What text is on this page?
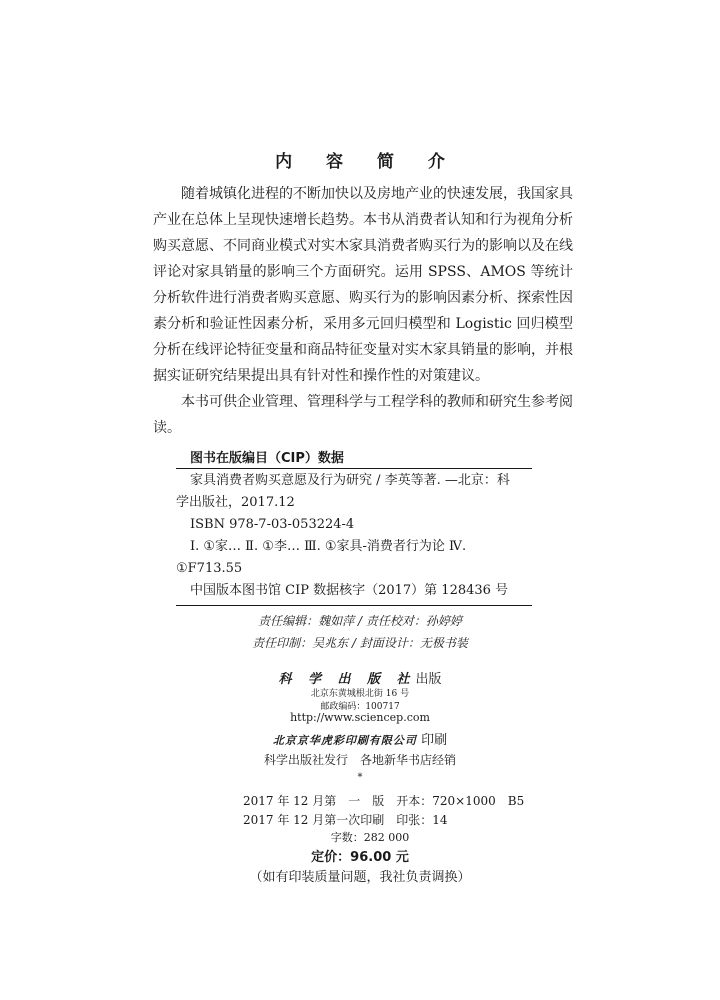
内 容 简 介

随着城镇化进程的不断加快以及房地产业的快速发展，我国家具产业在总体上呈现快速增长趋势。本书从消费者认知和行为视角分析购买意愿、不同商业模式对实木家具消费者购买行为的影响以及在线评论对家具销量的影响三个方面研究。运用 SPSS、AMOS 等统计分析软件进行消费者购买意愿、购买行为的影响因素分析、探索性因素分析和验证性因素分析，采用多元回归模型和 Logistic 回归模型分析在线评论特征变量和商品特征变量对实木家具销量的影响，并根据实证研究结果提出具有针对性和操作性的对策建议。

本书可供企业管理、管理科学与工程学科的教师和研究生参考阅读。

图书在版编目（CIP）数据
家具消费者购买意愿及行为研究 / 李英等著. —北京：科
学出版社，2017.12
ISBN 978-7-03-053224-4
Ⅰ. ①家… Ⅱ. ①李… Ⅲ. ①家具-消费者行为论 Ⅳ.
①F713.55
中国版本图书馆 CIP 数据核字（2017）第 128436 号
责任编辑：魏如萍 / 责任校对：孙婷婷
责任印制：吴兆东 / 封面设计：无极书装
科 学 出 版 社出版
北京东黄城根北街 16 号
邮政编码：100717
http://www.sciencep.com
北京京华虎彩印刷有限公司 印刷
科学出版社发行　各地新华书店经销
*
2017 年 12 月第　一　版　开本：720×1000　B5
2017 年 12 月第一次印刷　印张：14
字数：282 000
定价：96.00 元
（如有印装质量问题，我社负责调换）
